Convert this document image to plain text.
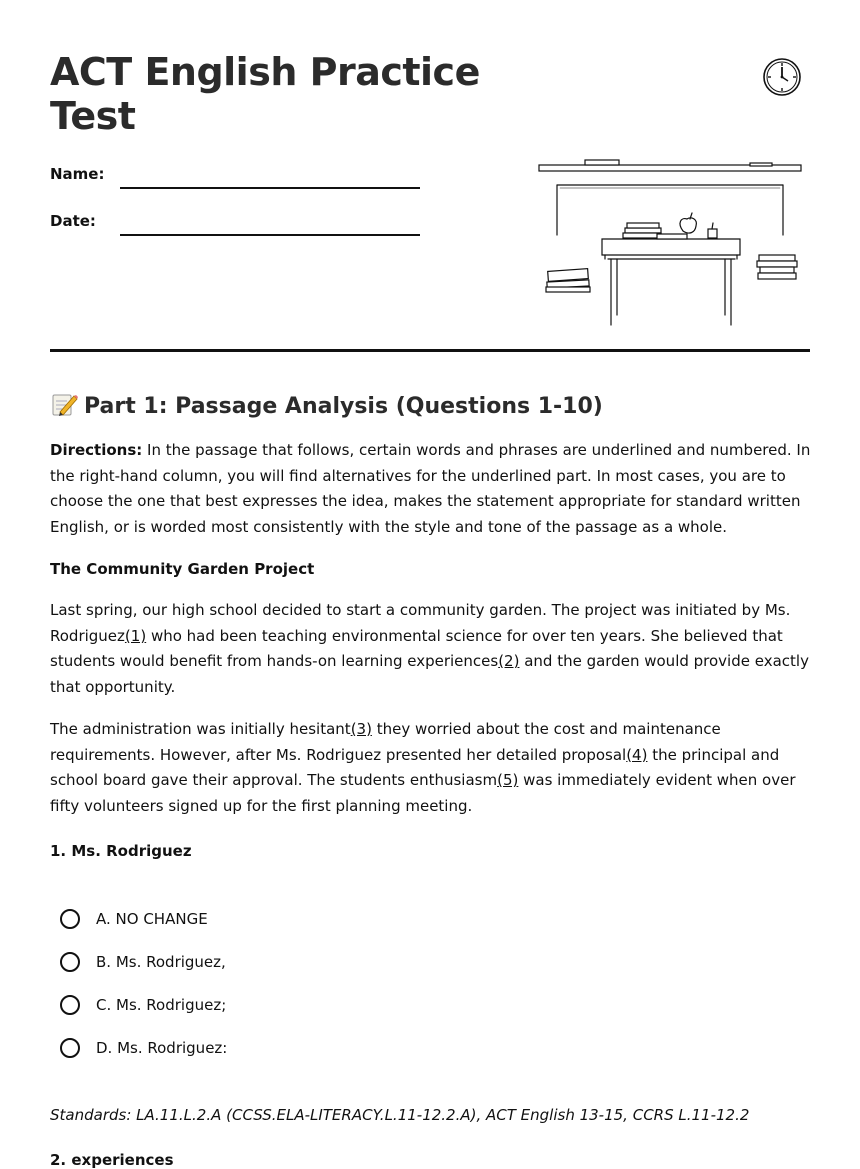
ACT English Practice Test
Name:
Date:
Part 1: Passage Analysis (Questions 1-10)

Directions: In the passage that follows, certain words and phrases are underlined and numbered. In the right-hand column, you will find alternatives for the underlined part. In most cases, you are to choose the one that best expresses the idea, makes the statement appropriate for standard written English, or is worded most consistently with the style and tone of the passage as a whole.

The Community Garden Project

Last spring, our high school decided to start a community garden. The project was initiated by Ms. Rodriguez(1) who had been teaching environmental science for over ten years. She believed that students would benefit from hands-on learning experiences(2) and the garden would provide exactly that opportunity.

The administration was initially hesitant(3) they worried about the cost and maintenance requirements. However, after Ms. Rodriguez presented her detailed proposal(4) the principal and school board gave their approval. The students enthusiasm(5) was immediately evident when over fifty volunteers signed up for the first planning meeting.

1. Ms. Rodriguez
A. NO CHANGE
B. Ms. Rodriguez,
C. Ms. Rodriguez;
D. Ms. Rodriguez:
Standards: LA.11.L.2.A (CCSS.ELA-LITERACY.L.11-12.2.A), ACT English 13-15, CCRS L.11-12.2
2. experiences
